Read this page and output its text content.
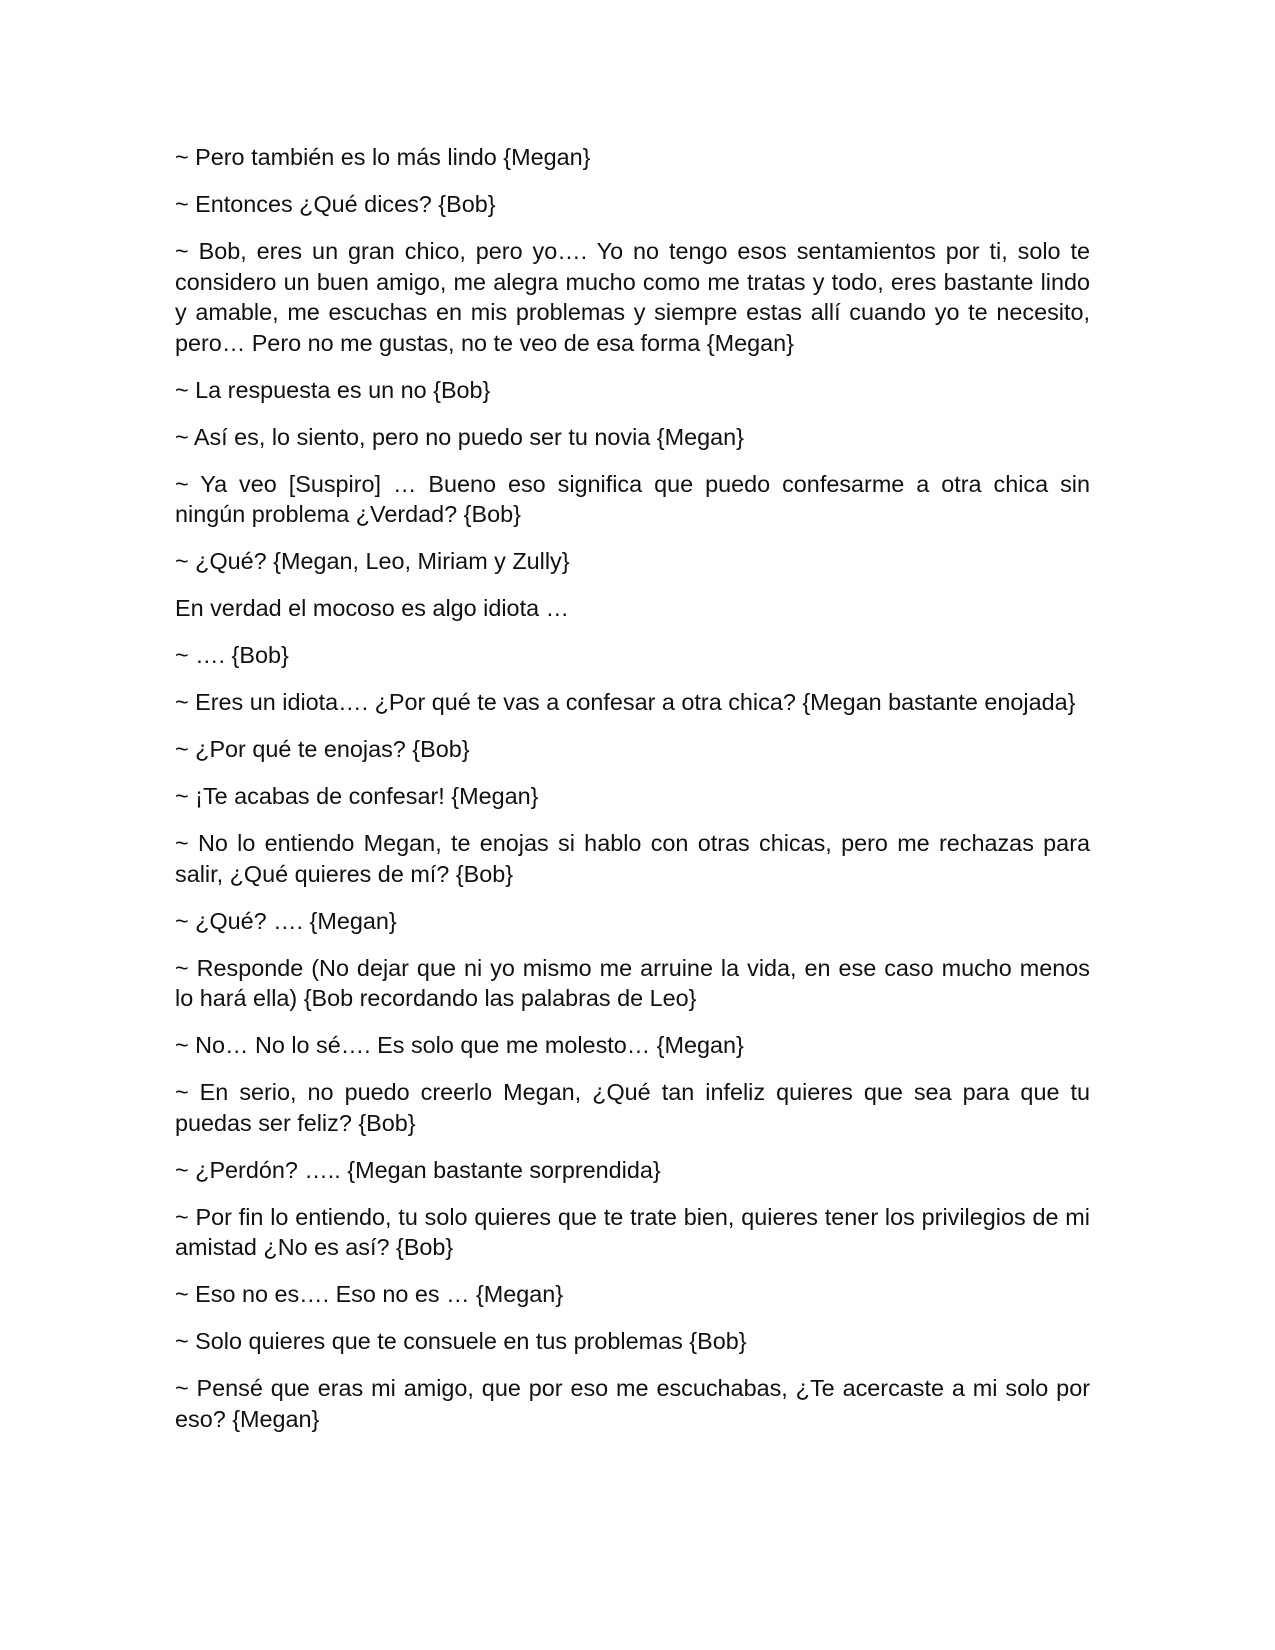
~ Pero también es lo más lindo {Megan}

~ Entonces ¿Qué dices? {Bob}

~ Bob, eres un gran chico, pero yo…. Yo no tengo esos sentamientos por ti, solo te considero un buen amigo, me alegra mucho como me tratas y todo, eres bastante lindo y amable, me escuchas en mis problemas y siempre estas allí cuando yo te necesito, pero… Pero no me gustas, no te veo de esa forma {Megan}

~ La respuesta es un no {Bob}

~ Así es, lo siento, pero no puedo ser tu novia {Megan}

~ Ya veo [Suspiro] … Bueno eso significa que puedo confesarme a otra chica sin ningún problema ¿Verdad? {Bob}

~ ¿Qué? {Megan, Leo, Miriam y Zully}

En verdad el mocoso es algo idiota …

~ …. {Bob}

~ Eres un idiota…. ¿Por qué te vas a confesar a otra chica? {Megan bastante enojada}

~ ¿Por qué te enojas? {Bob}

~ ¡Te acabas de confesar! {Megan}

~ No lo entiendo Megan, te enojas si hablo con otras chicas, pero me rechazas para salir, ¿Qué quieres de mí? {Bob}

~ ¿Qué? …. {Megan}

~ Responde (No dejar que ni yo mismo me arruine la vida, en ese caso mucho menos lo hará ella) {Bob recordando las palabras de Leo}

~ No… No lo sé…. Es solo que me molesto… {Megan}

~ En serio, no puedo creerlo Megan, ¿Qué tan infeliz quieres que sea para que tu puedas ser feliz? {Bob}

~ ¿Perdón? ….. {Megan bastante sorprendida}

~ Por fin lo entiendo, tu solo quieres que te trate bien, quieres tener los privilegios de mi amistad ¿No es así? {Bob}

~ Eso no es…. Eso no es … {Megan}

~ Solo quieres que te consuele en tus problemas {Bob}

~ Pensé que eras mi amigo, que por eso me escuchabas, ¿Te acercaste a mi solo por eso? {Megan}
